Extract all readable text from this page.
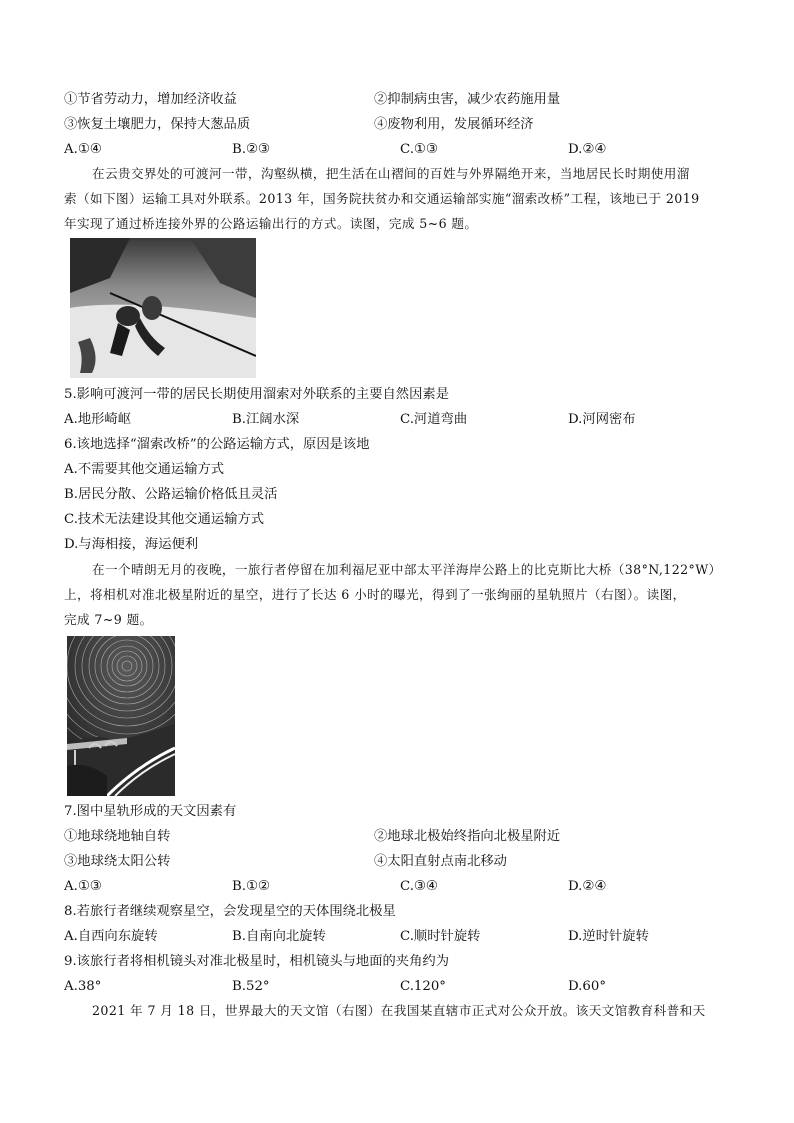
①节省劳动力，增加经济收益	②抑制病虫害，减少农药施用量
③恢复土壤肥力，保持大葱品质	④废物利用，发展循环经济
A.①④	B.②③	C.①③	D.②④
在云贵交界处的可渡河一带，沟壑纵横，把生活在山褶间的百姓与外界隔绝开来，当地居民长时期使用溜
索（如下图）运输工具对外联系。2013 年，国务院扶贫办和交通运输部实施“溜索改桥”工程，该地已于 2019
年实现了通过桥连接外界的公路运输出行的方式。读图，完成 5~6 题。
5.影响可渡河一带的居民长期使用溜索对外联系的主要自然因素是
A.地形崎岖	B.江阔水深	C.河道弯曲	D.河网密布
6.该地选择“溜索改桥”的公路运输方式，原因是该地
A.不需要其他交通运输方式
B.居民分散、公路运输价格低且灵活
C.技术无法建设其他交通运输方式
D.与海相接，海运便利
在一个晴朗无月的夜晚，一旅行者停留在加利福尼亚中部太平洋海岸公路上的比克斯比大桥（38°N,122°W）
上，将相机对准北极星附近的星空，进行了长达 6 小时的曝光，得到了一张绚丽的星轨照片（右图）。读图，
完成 7~9 题。
7.图中星轨形成的天文因素有
①地球绕地轴自转	②地球北极始终指向北极星附近
③地球绕太阳公转	④太阳直射点南北移动
A.①③	B.①②	C.③④	D.②④
8.若旅行者继续观察星空，会发现星空的天体围绕北极星
A.自西向东旋转	B.自南向北旋转	C.顺时针旋转	D.逆时针旋转
9.该旅行者将相机镜头对准北极星时，相机镜头与地面的夹角约为
A.38°	B.52°	C.120°	D.60°
2021 年 7 月 18 日，世界最大的天文馆（右图）在我国某直辖市正式对公众开放。该天文馆教育科普和天
